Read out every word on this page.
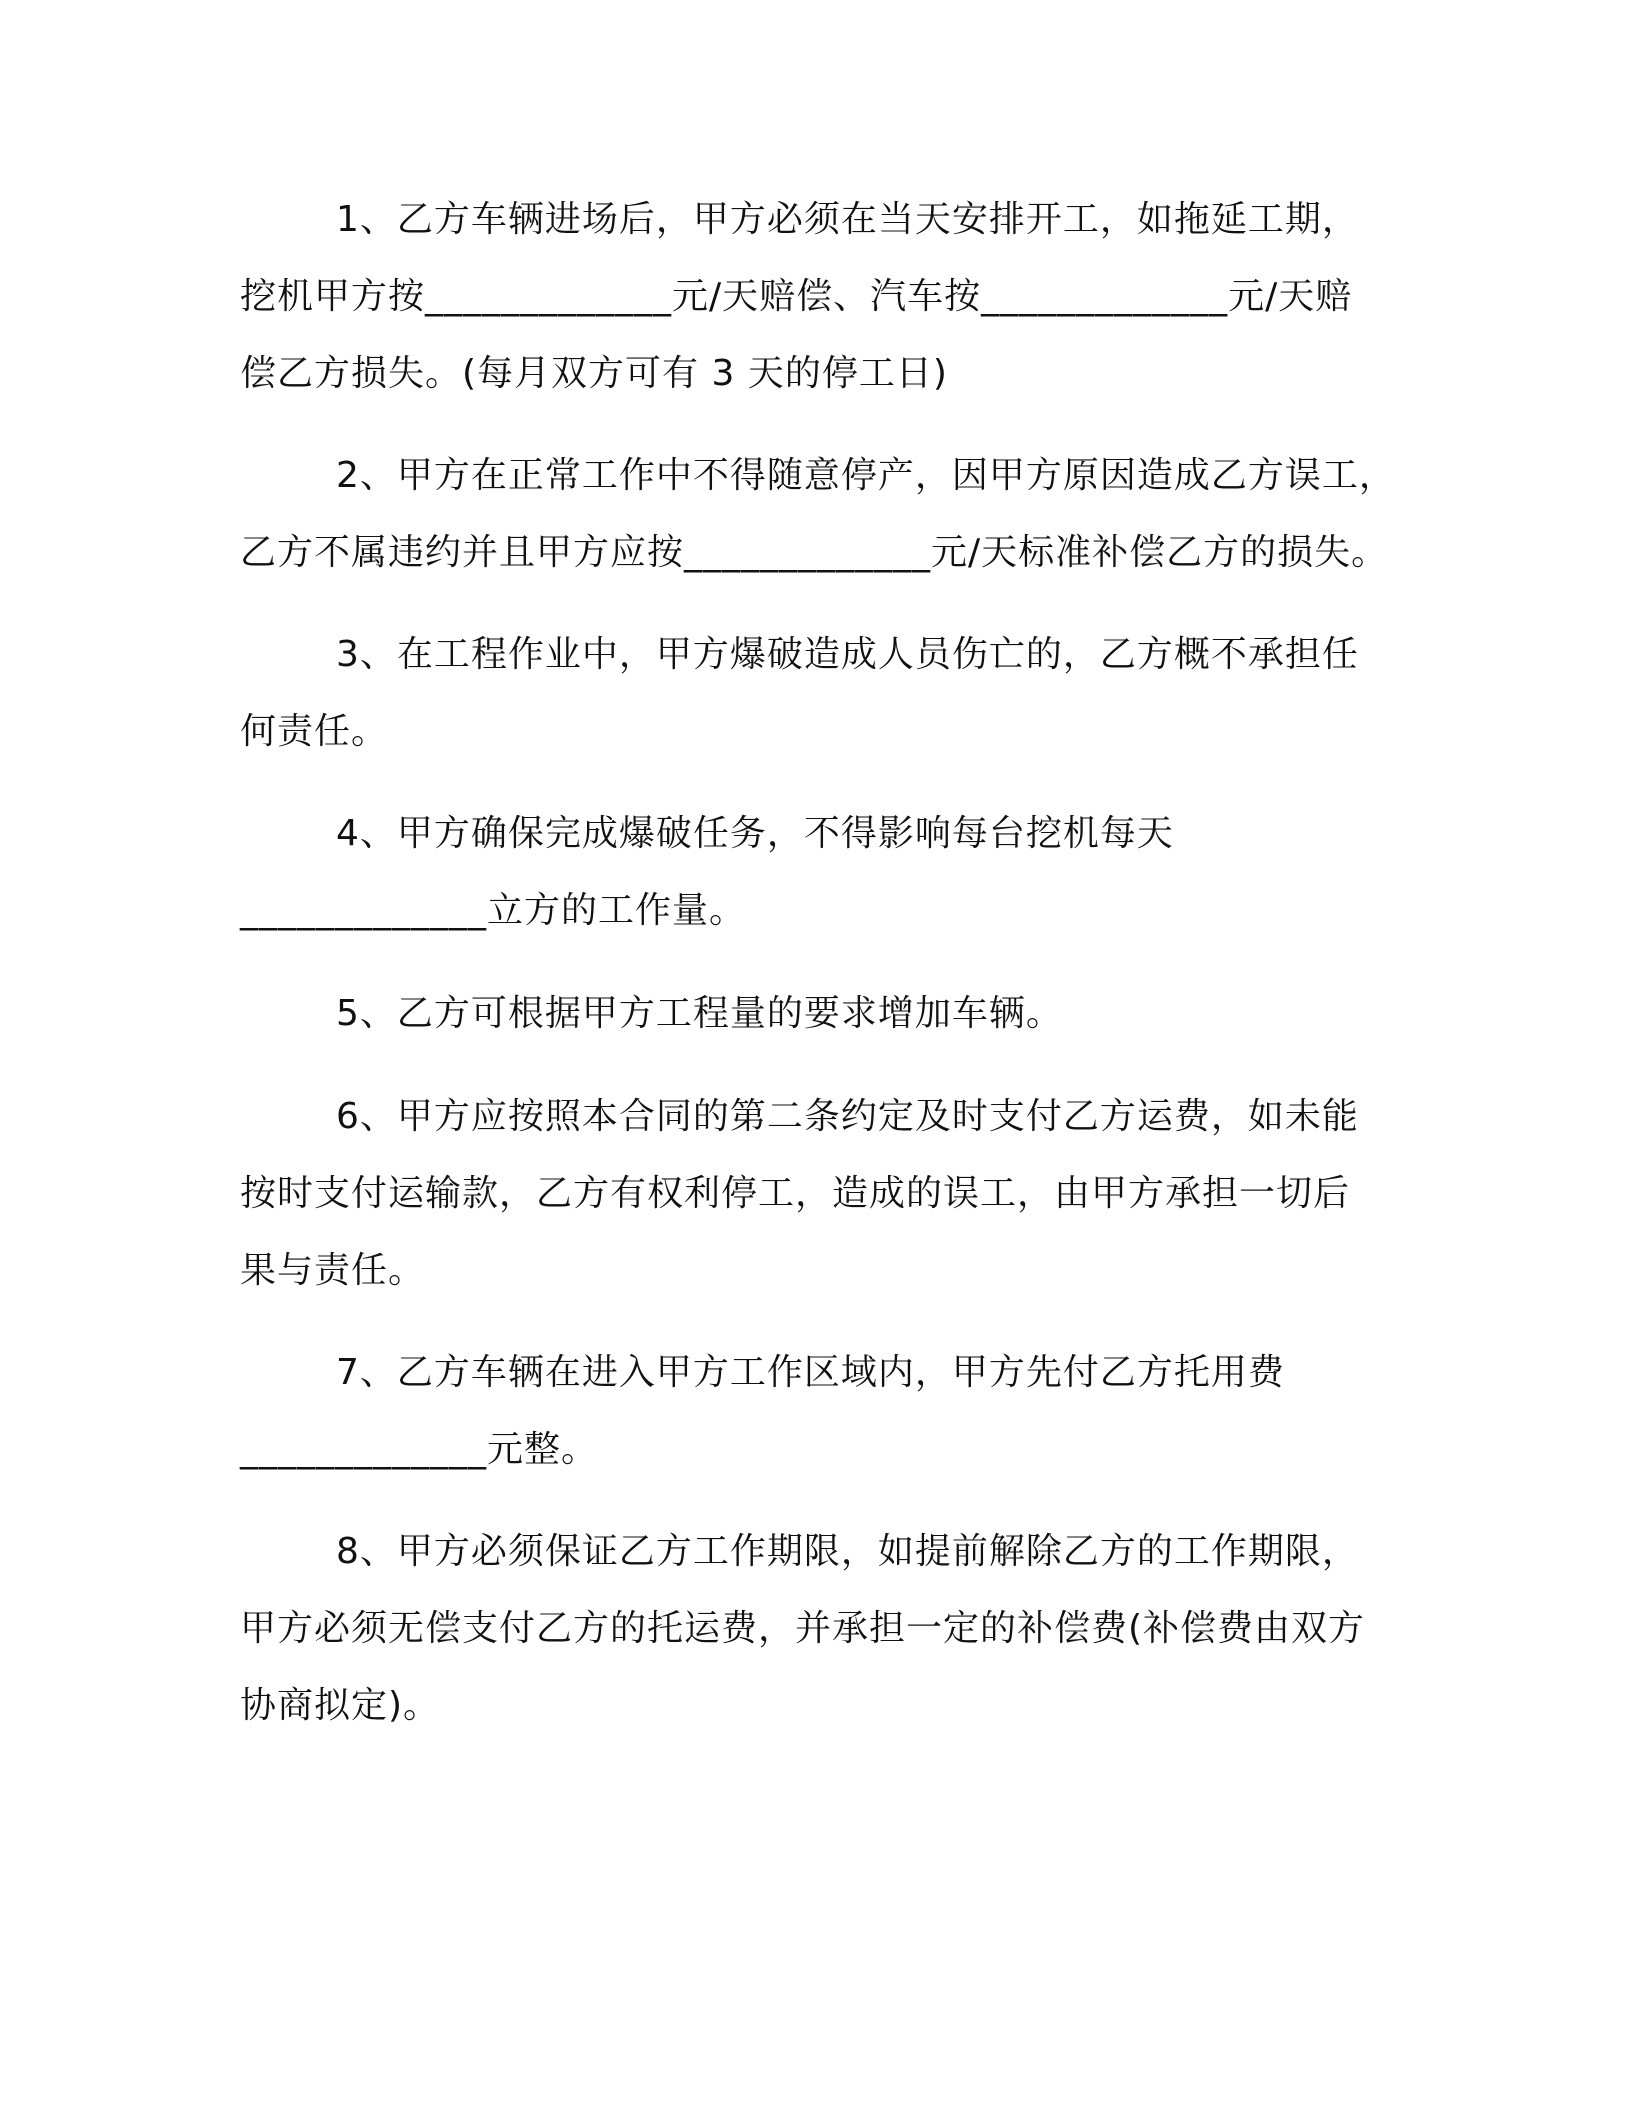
1、乙方车辆进场后，甲方必须在当天安排开工，如拖延工期，
挖机甲方按_____________元/天赔偿、汽车按_____________元/天赔
偿乙方损失。(每月双方可有 3 天的停工日)
2、甲方在正常工作中不得随意停产，因甲方原因造成乙方误工，
乙方不属违约并且甲方应按_____________元/天标准补偿乙方的损失。
3、在工程作业中，甲方爆破造成人员伤亡的，乙方概不承担任
何责任。
4、甲方确保完成爆破任务，不得影响每台挖机每天
_____________立方的工作量。
5、乙方可根据甲方工程量的要求增加车辆。
6、甲方应按照本合同的第二条约定及时支付乙方运费，如未能
按时支付运输款，乙方有权利停工，造成的误工，由甲方承担一切后
果与责任。
7、乙方车辆在进入甲方工作区域内，甲方先付乙方托用费
_____________元整。
8、甲方必须保证乙方工作期限，如提前解除乙方的工作期限，
甲方必须无偿支付乙方的托运费，并承担一定的补偿费(补偿费由双方
协商拟定)。
